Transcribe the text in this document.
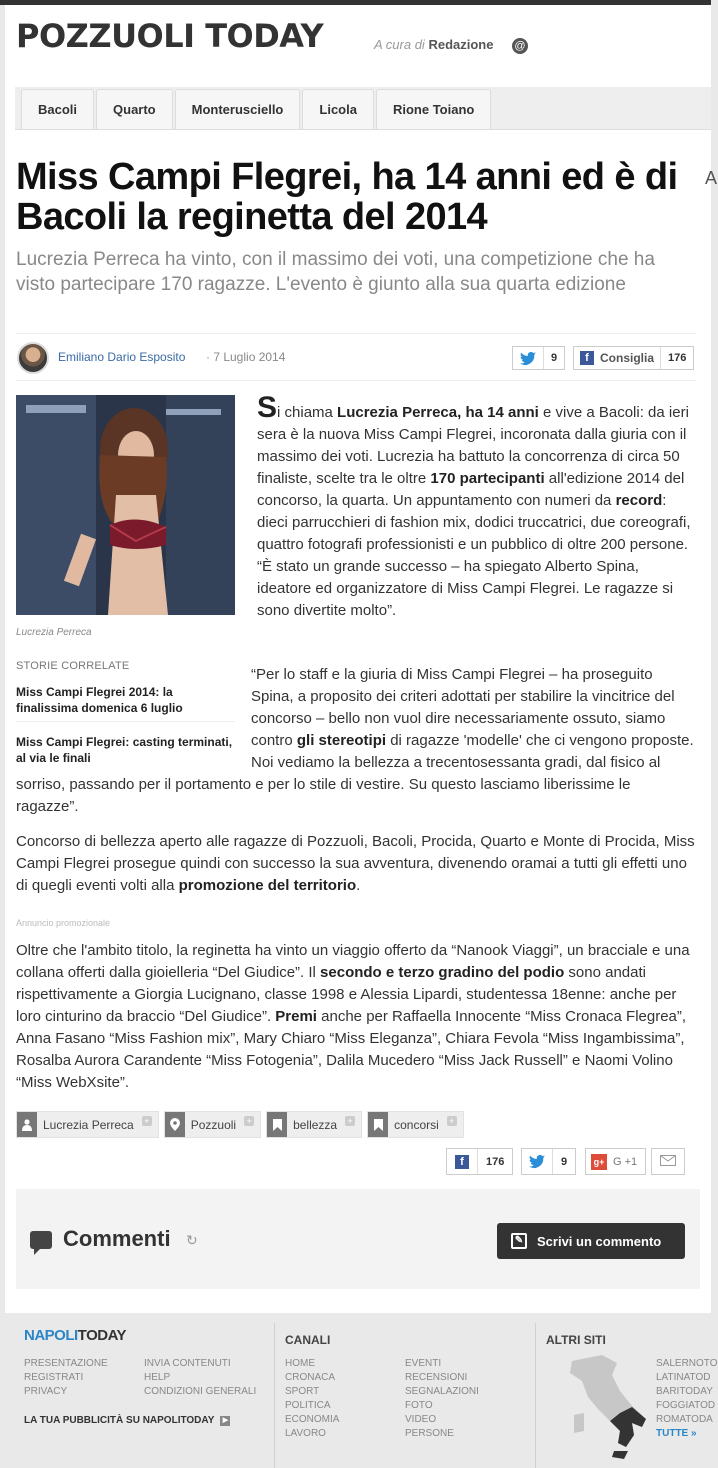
POZZUOLI TODAY	A cura di Redazione @
Bacoli	Quarto	Monterusciello	Licola	Rione Toiano
A
Miss Campi Flegrei, ha 14 anni ed è di Bacoli la reginetta del 2014
Lucrezia Perreca ha vinto, con il massimo dei voti, una competizione che ha visto partecipare 170 ragazze. L'evento è giunto alla sua quarta edizione
Emiliano Dario Esposito · 7 Luglio 2014	9	f Consiglia	176
Lucrezia Perreca
STORIE CORRELATE
Miss Campi Flegrei 2014: la finalissima domenica 6 luglio
Miss Campi Flegrei: casting terminati, al via le finali
Si chiama Lucrezia Perreca, ha 14 anni e vive a Bacoli: da ieri sera è la nuova Miss Campi Flegrei, incoronata dalla giuria con il massimo dei voti. Lucrezia ha battuto la concorrenza di circa 50 finaliste, scelte tra le oltre 170 partecipanti all'edizione 2014 del concorso, la quarta. Un appuntamento con numeri da record: dieci parrucchieri di fashion mix, dodici truccatrici, due coreografi, quattro fotografi professionisti e un pubblico di oltre 200 persone. “È stato un grande successo – ha spiegato Alberto Spina, ideatore ed organizzatore di Miss Campi Flegrei. Le ragazze si sono divertite molto”.
“Per lo staff e la giuria di Miss Campi Flegrei – ha proseguito Spina, a proposito dei criteri adottati per stabilire la vincitrice del concorso – bello non vuol dire necessariamente ossuto, siamo contro gli stereotipi di ragazze 'modelle' che ci vengono proposte. Noi vediamo la bellezza a trecentosessanta gradi, dal fisico al sorriso, passando per il portamento e per lo stile di vestire. Su questo lasciamo liberissime le ragazze”.
Concorso di bellezza aperto alle ragazze di Pozzuoli, Bacoli, Procida, Quarto e Monte di Procida, Miss Campi Flegrei prosegue quindi con successo la sua avventura, divenendo oramai a tutti gli effetti uno di quegli eventi volti alla promozione del territorio.
Annuncio promozionale
Oltre che l'ambito titolo, la reginetta ha vinto un viaggio offerto da “Nanook Viaggi”, un bracciale e una collana offerti dalla gioielleria “Del Giudice”. Il secondo e terzo gradino del podio sono andati rispettivamente a Giorgia Lucignano, classe 1998 e Alessia Lipardi, studentessa 18enne: anche per loro cinturino da braccio “Del Giudice”. Premi anche per Raffaella Innocente “Miss Cronaca Flegrea”, Anna Fasano “Miss Fashion mix”, Mary Chiaro “Miss Eleganza”, Chiara Fevola “Miss Ingambissima”, Rosalba Aurora Carandente “Miss Fotogenia”, Dalila Mucedero “Miss Jack Russell” e Naomi Volino “Miss WebXsite”.
Lucrezia Perreca	+	Pozzuoli	+	bellezza	+	concorsi	+
f	176	9	g+ G +1
Commenti ↻	✎ Scrivi un commento
NAPOLITODAY
PRESENTAZIONE
REGISTRATI
PRIVACY
INVIA CONTENUTI
HELP
CONDIZIONI GENERALI
LA TUA PUBBLICITÀ SU NAPOLITODAY	▶
CANALI
HOME
CRONACA
SPORT
POLITICA
ECONOMIA
LAVORO
EVENTI
RECENSIONI
SEGNALAZIONI
FOTO
VIDEO
PERSONE
ALTRI SITI
SALERNOTO
LATINATOD
BARITODAY
FOGGIATOD
ROMATODA
TUTTE »
